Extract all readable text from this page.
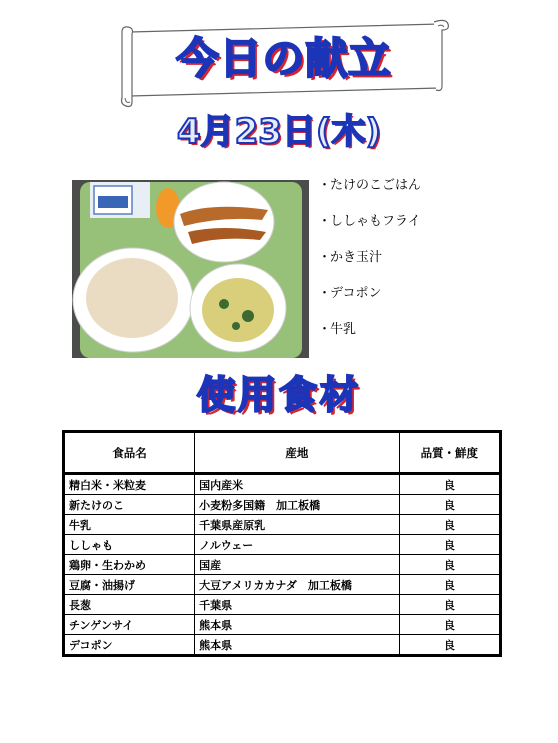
今日の献立
4月23日(木)
・たけのこごはん
・ししゃもフライ
・かき玉汁
・デコポン
・牛乳
使用食材
食品名	産地	品質・鮮度
精白米・米粒麦	国内産米	良
新たけのこ	小麦粉多国籍　加工板橋	良
牛乳	千葉県産原乳	良
ししゃも	ノルウェー	良
鶏卵・生わかめ	国産	良
豆腐・油揚げ	大豆アメリカカナダ　加工板橋	良
長葱	千葉県	良
チンゲンサイ	熊本県	良
デコポン	熊本県	良
